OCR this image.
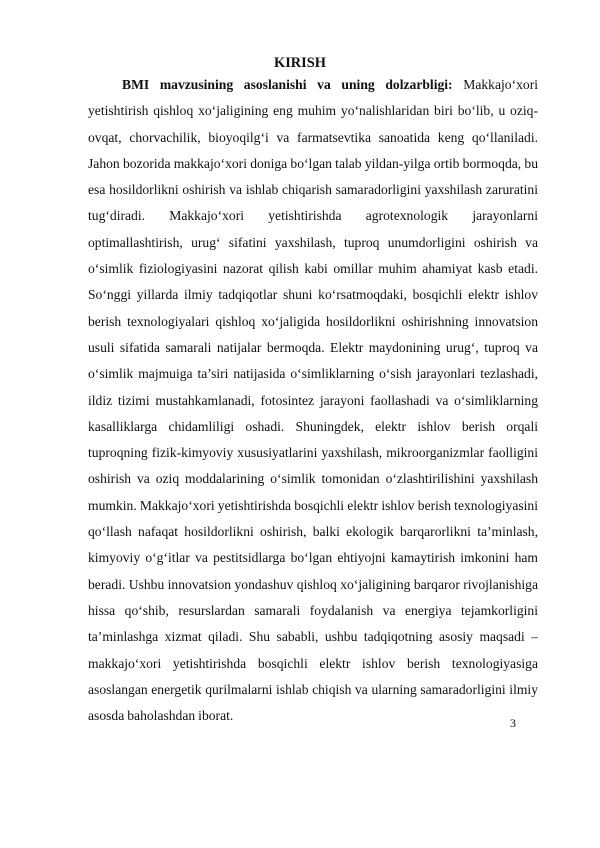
KIRISH

BMI mavzusining asoslanishi va uning dolzarbligi: Makkajo‘xori yetishtirish qishloq xo‘jaligining eng muhim yo‘nalishlaridan biri bo‘lib, u oziq-ovqat, chorvachilik, bioyoqilg‘i va farmatsevtika sanoatida keng qo‘llaniladi. Jahon bozorida makkajo‘xori doniga bo‘lgan talab yildan-yilga ortib bormoqda, bu esa hosildorlikni oshirish va ishlab chiqarish samaradorligini yaxshilash zaruratini tug‘diradi. Makkajo‘xori yetishtirishda agrotexnologik jarayonlarni optimallashtirish, urug‘ sifatini yaxshilash, tuproq unumdorligini oshirish va o‘simlik fiziologiyasini nazorat qilish kabi omillar muhim ahamiyat kasb etadi. So‘nggi yillarda ilmiy tadqiqotlar shuni ko‘rsatmoqdaki, bosqichli elektr ishlov berish texnologiyalari qishloq xo‘jaligida hosildorlikni oshirishning innovatsion usuli sifatida samarali natijalar bermoqda. Elektr maydonining urug‘, tuproq va o‘simlik majmuiga ta’siri natijasida o‘simliklarning o‘sish jarayonlari tezlashadi, ildiz tizimi mustahkamlanadi, fotosintez jarayoni faollashadi va o‘simliklarning kasalliklarga chidamliligi oshadi. Shuningdek, elektr ishlov berish orqali tuproqning fizik-kimyoviy xususiyatlarini yaxshilash, mikroorganizmlar faolligini oshirish va oziq moddalarining o‘simlik tomonidan o‘zlashtirilishini yaxshilash mumkin. Makkajo‘xori yetishtirishda bosqichli elektr ishlov berish texnologiyasini qo‘llash nafaqat hosildorlikni oshirish, balki ekologik barqarorlikni ta’minlash, kimyoviy o‘g‘itlar va pestitsidlarga bo‘lgan ehtiyojni kamaytirish imkonini ham beradi. Ushbu innovatsion yondashuv qishloq xo‘jaligining barqaror rivojlanishiga hissa qo‘shib, resurslardan samarali foydalanish va energiya tejamkorligini ta’minlashga xizmat qiladi. Shu sababli, ushbu tadqiqotning asosiy maqsadi – makkajo‘xori yetishtirishda bosqichli elektr ishlov berish texnologiyasiga asoslangan energetik qurilmalarni ishlab chiqish va ularning samaradorligini ilmiy asosda baholashdan iborat.	3
